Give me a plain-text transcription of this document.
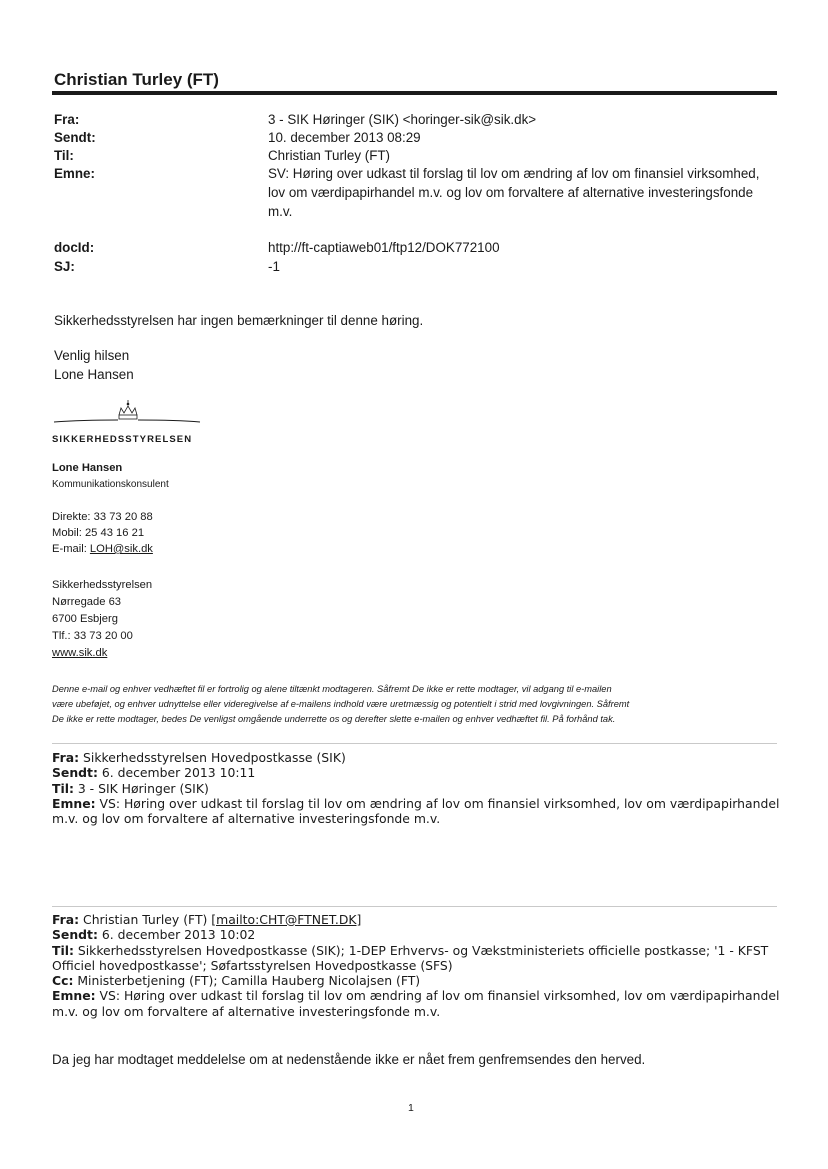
Christian Turley (FT)
Fra:	3 - SIK Høringer (SIK) <horinger-sik@sik.dk>
Sendt:	10. december 2013 08:29
Til:	Christian Turley (FT)
Emne:	SV: Høring over udkast til forslag til lov om ændring af lov om finansiel virksomhed,
lov om værdipapirhandel m.v. og lov om forvaltere af alternative investeringsfonde
m.v.
docId:	http://ft-captiaweb01/ftp12/DOK772100
SJ:	-1
Sikkerhedsstyrelsen har ingen bemærkninger til denne høring.
Venlig hilsen
Lone Hansen
SIKKERHEDSSTYRELSEN
Lone Hansen
Kommunikationskonsulent
Direkte: 33 73 20 88
Mobil: 25 43 16 21
E-mail: LOH@sik.dk
Sikkerhedsstyrelsen
Nørregade 63
6700 Esbjerg
Tlf.: 33 73 20 00
www.sik.dk
Denne e-mail og enhver vedhæftet fil er fortrolig og alene tiltænkt modtageren. Såfremt De ikke er rette modtager, vil adgang til e-mailen
være ubeføjet, og enhver udnyttelse eller videregivelse af e-mailens indhold være uretmæssig og potentielt i strid med lovgivningen. Såfremt
De ikke er rette modtager, bedes De venligst omgående underrette os og derefter slette e-mailen og enhver vedhæftet fil. På forhånd tak.
Fra: Sikkerhedsstyrelsen Hovedpostkasse (SIK)
Sendt: 6. december 2013 10:11
Til: 3 - SIK Høringer (SIK)
Emne: VS: Høring over udkast til forslag til lov om ændring af lov om finansiel virksomhed, lov om værdipapirhandel
m.v. og lov om forvaltere af alternative investeringsfonde m.v.
Fra: Christian Turley (FT) [mailto:CHT@FTNET.DK]
Sendt: 6. december 2013 10:02
Til: Sikkerhedsstyrelsen Hovedpostkasse (SIK); 1-DEP Erhvervs- og Vækstministeriets officielle postkasse; '1 - KFST
Officiel hovedpostkasse'; Søfartsstyrelsen Hovedpostkasse (SFS)
Cc: Ministerbetjening (FT); Camilla Hauberg Nicolajsen (FT)
Emne: VS: Høring over udkast til forslag til lov om ændring af lov om finansiel virksomhed, lov om værdipapirhandel
m.v. og lov om forvaltere af alternative investeringsfonde m.v.
Da jeg har modtaget meddelelse om at nedenstående ikke er nået frem genfremsendes den herved.
1
